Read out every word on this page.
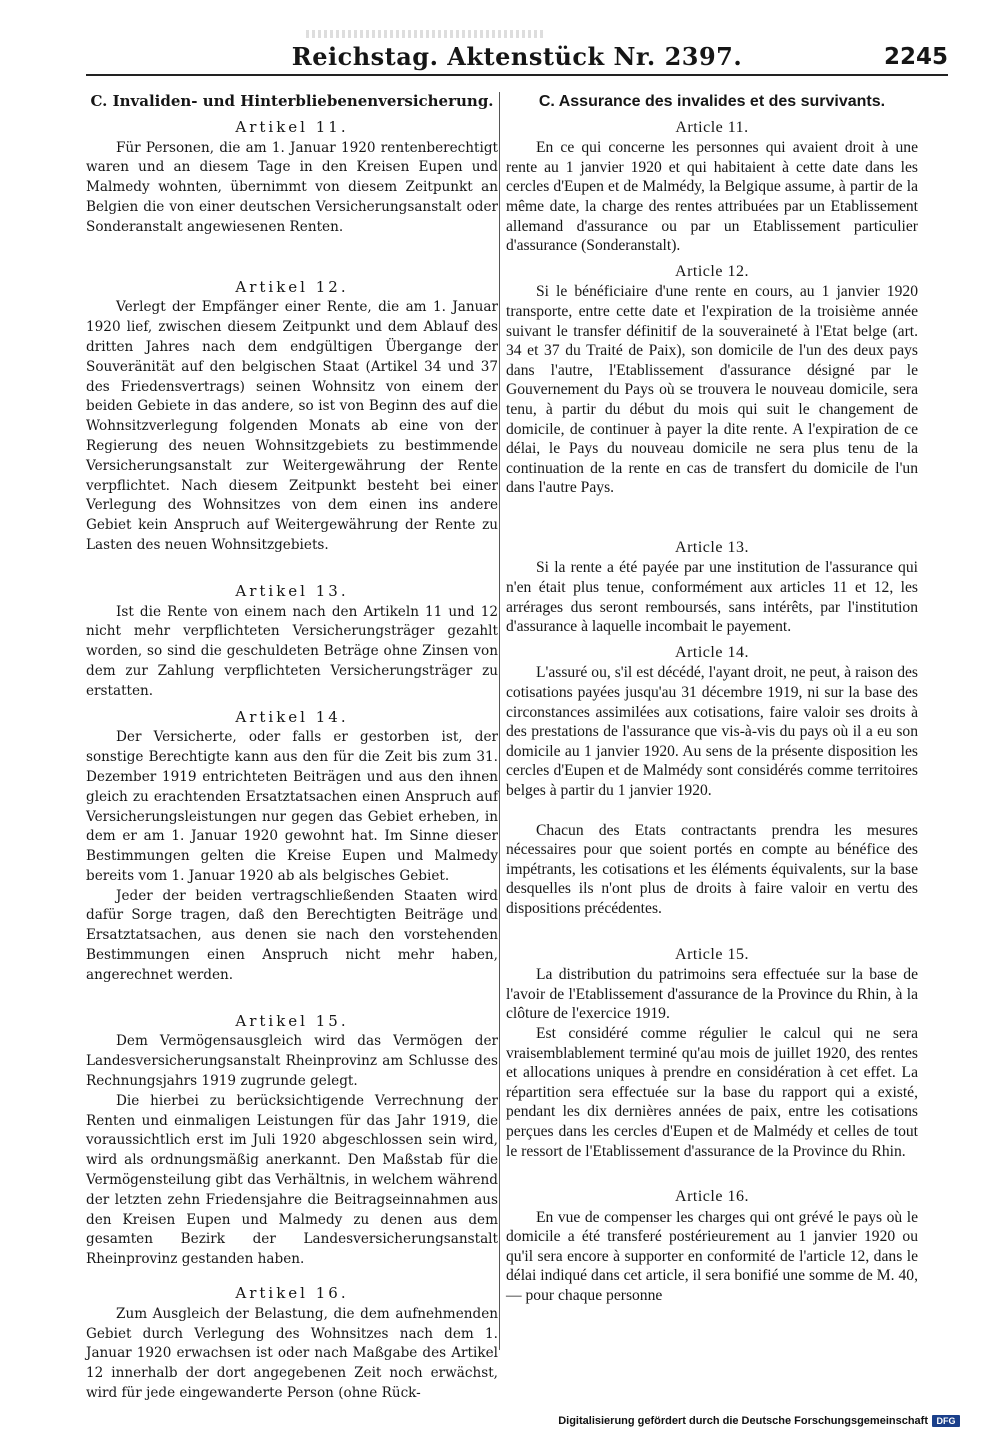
Reichstag. Aktenstück Nr. 2397.	2245
C. Invaliden- und Hinterbliebenenversicherung.
Artikel 11.

Für Personen, die am 1. Januar 1920 rentenberechtigt waren und an diesem Tage in den Kreisen Eupen und Malmedy wohnten, übernimmt von diesem Zeitpunkt an Belgien die von einer deutschen Versicherungsanstalt oder Sonderanstalt angewiesenen Renten.

Artikel 12.

Verlegt der Empfänger einer Rente, die am 1. Januar 1920 lief, zwischen diesem Zeitpunkt und dem Ablauf des dritten Jahres nach dem endgültigen Übergange der Souveränität auf den belgischen Staat (Artikel 34 und 37 des Friedensvertrags) seinen Wohnsitz von einem der beiden Gebiete in das andere, so ist von Beginn des auf die Wohnsitzverlegung folgenden Monats ab eine von der Regierung des neuen Wohnsitzgebiets zu bestimmende Versicherungsanstalt zur Weitergewährung der Rente verpflichtet. Nach diesem Zeitpunkt besteht bei einer Verlegung des Wohnsitzes von dem einen ins andere Gebiet kein Anspruch auf Weitergewährung der Rente zu Lasten des neuen Wohnsitzgebiets.

Artikel 13.

Ist die Rente von einem nach den Artikeln 11 und 12 nicht mehr verpflichteten Versicherungsträger gezahlt worden, so sind die geschuldeten Beträge ohne Zinsen von dem zur Zahlung verpflichteten Versicherungsträger zu erstatten.

Artikel 14.

Der Versicherte, oder falls er gestorben ist, der sonstige Berechtigte kann aus den für die Zeit bis zum 31. Dezember 1919 entrichteten Beiträgen und aus den ihnen gleich zu erachtenden Ersatztatsachen einen Anspruch auf Versicherungsleistungen nur gegen das Gebiet erheben, in dem er am 1. Januar 1920 gewohnt hat. Im Sinne dieser Bestimmungen gelten die Kreise Eupen und Malmedy bereits vom 1. Januar 1920 ab als belgisches Gebiet.

Jeder der beiden vertragschließenden Staaten wird dafür Sorge tragen, daß den Berechtigten Beiträge und Ersatztatsachen, aus denen sie nach den vorstehenden Bestimmungen einen Anspruch nicht mehr haben, angerechnet werden.

Artikel 15.

Dem Vermögensausgleich wird das Vermögen der Landesversicherungsanstalt Rheinprovinz am Schlusse des Rechnungsjahrs 1919 zugrunde gelegt.

Die hierbei zu berücksichtigende Verrechnung der Renten und einmaligen Leistungen für das Jahr 1919, die voraussichtlich erst im Juli 1920 abgeschlossen sein wird, wird als ordnungsmäßig anerkannt. Den Maßstab für die Vermögensteilung gibt das Verhältnis, in welchem während der letzten zehn Friedensjahre die Beitragseinnahmen aus den Kreisen Eupen und Malmedy zu denen aus dem gesamten Bezirk der Landesversicherungsanstalt Rheinprovinz gestanden haben.

Artikel 16.

Zum Ausgleich der Belastung, die dem aufnehmenden Gebiet durch Verlegung des Wohnsitzes nach dem 1. Januar 1920 erwachsen ist oder nach Maßgabe des Artikel 12 innerhalb der dort angegebenen Zeit noch erwächst, wird für jede eingewanderte Person (ohne Rück-

C. Assurance des invalides et des survivants.
Article 11.

En ce qui concerne les personnes qui avaient droit à une rente au 1 janvier 1920 et qui habitaient à cette date dans les cercles d'Eupen et de Malmédy, la Belgique assume, à partir de la même date, la charge des rentes attribuées par un Etablissement allemand d'assurance ou par un Etablissement particulier d'assurance (Sonderanstalt).

Article 12.

Si le bénéficiaire d'une rente en cours, au 1 janvier 1920 transporte, entre cette date et l'expiration de la troisième année suivant le transfer définitif de la souveraineté à l'Etat belge (art. 34 et 37 du Traité de Paix), son domicile de l'un des deux pays dans l'autre, l'Etablissement d'assurance désigné par le Gouvernement du Pays où se trouvera le nouveau domicile, sera tenu, à partir du début du mois qui suit le changement de domicile, de continuer à payer la dite rente. A l'expiration de ce délai, le Pays du nouveau domicile ne sera plus tenu de la continuation de la rente en cas de transfert du domicile de l'un dans l'autre Pays.

Article 13.

Si la rente a été payée par une institution de l'assurance qui n'en était plus tenue, conformément aux articles 11 et 12, les arrérages dus seront remboursés, sans intérêts, par l'institution d'assurance à laquelle incombait le payement.

Article 14.

L'assuré ou, s'il est décédé, l'ayant droit, ne peut, à raison des cotisations payées jusqu'au 31 décembre 1919, ni sur la base des circonstances assimilées aux cotisations, faire valoir ses droits à des prestations de l'assurance que vis-à-vis du pays où il a eu son domicile au 1 janvier 1920. Au sens de la présente disposition les cercles d'Eupen et de Malmédy sont considérés comme territoires belges à partir du 1 janvier 1920.

Chacun des Etats contractants prendra les mesures nécessaires pour que soient portés en compte au bénéfice des impétrants, les cotisations et les éléments équivalents, sur la base desquelles ils n'ont plus de droits à faire valoir en vertu des dispositions précédentes.

Article 15.

La distribution du patrimoins sera effectuée sur la base de l'avoir de l'Etablissement d'assurance de la Province du Rhin, à la clôture de l'exercice 1919.

Est considéré comme régulier le calcul qui ne sera vraisemblablement terminé qu'au mois de juillet 1920, des rentes et allocations uniques à prendre en considération à cet effet. La répartition sera effectuée sur la base du rapport qui a existé, pendant les dix dernières années de paix, entre les cotisations perçues dans les cercles d'Eupen et de Malmédy et celles de tout le ressort de l'Etablissement d'assurance de la Province du Rhin.

Article 16.

En vue de compenser les charges qui ont grévé le pays où le domicile a été transferé postérieurement au 1 janvier 1920 ou qu'il sera encore à supporter en conformité de l'article 12, dans le délai indiqué dans cet article, il sera bonifié une somme de M. 40,— pour chaque personne

Digitalisierung gefördert durch die Deutsche Forschungsgemeinschaft DFG
